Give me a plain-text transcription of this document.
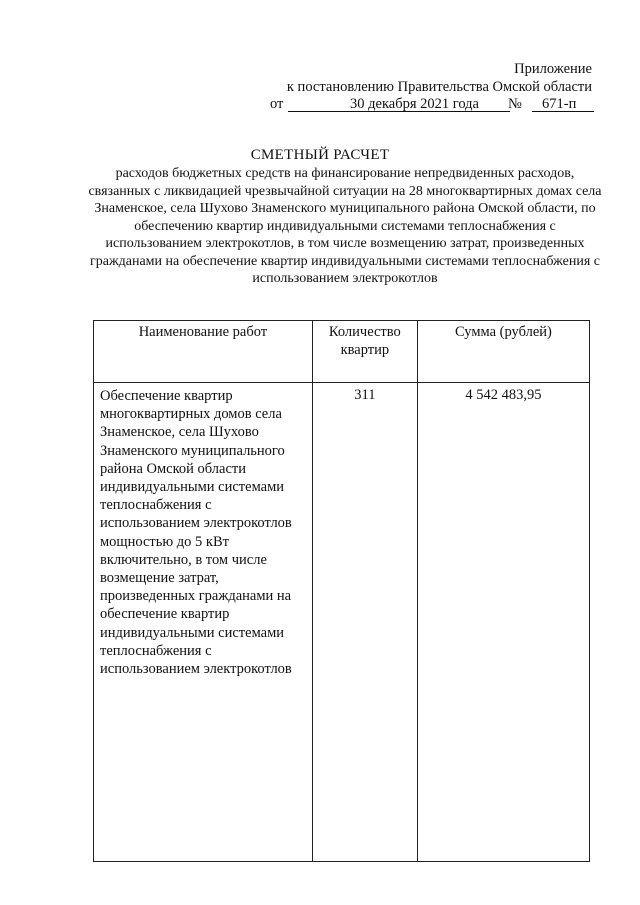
Приложение
к постановлению Правительства Омской области
от	30 декабря 2021 года № 671-п
СМЕТНЫЙ РАСЧЕТ
расходов бюджетных средств на финансирование непредвиденных расходов, связанных с ликвидацией чрезвычайной ситуации на 28 многоквартирных домах села Знаменское, села Шухово Знаменского муниципального района Омской области, по обеспечению квартир индивидуальными системами теплоснабжения с использованием электрокотлов, в том числе возмещению затрат, произведенных гражданами на обеспечение квартир индивидуальными системами теплоснабжения с использованием электрокотлов
Наименование работ	Количество квартир	Сумма (рублей)
Обеспечение квартир многоквартирных домов села Знаменское, села Шухово Знаменского муниципального района Омской области индивидуальными системами теплоснабжения с использованием электрокотлов мощностью до 5 кВт включительно, в том числе возмещение затрат, произведенных гражданами на обеспечение квартир индивидуальными системами теплоснабжения с использованием электрокотлов	311	4 542 483,95
